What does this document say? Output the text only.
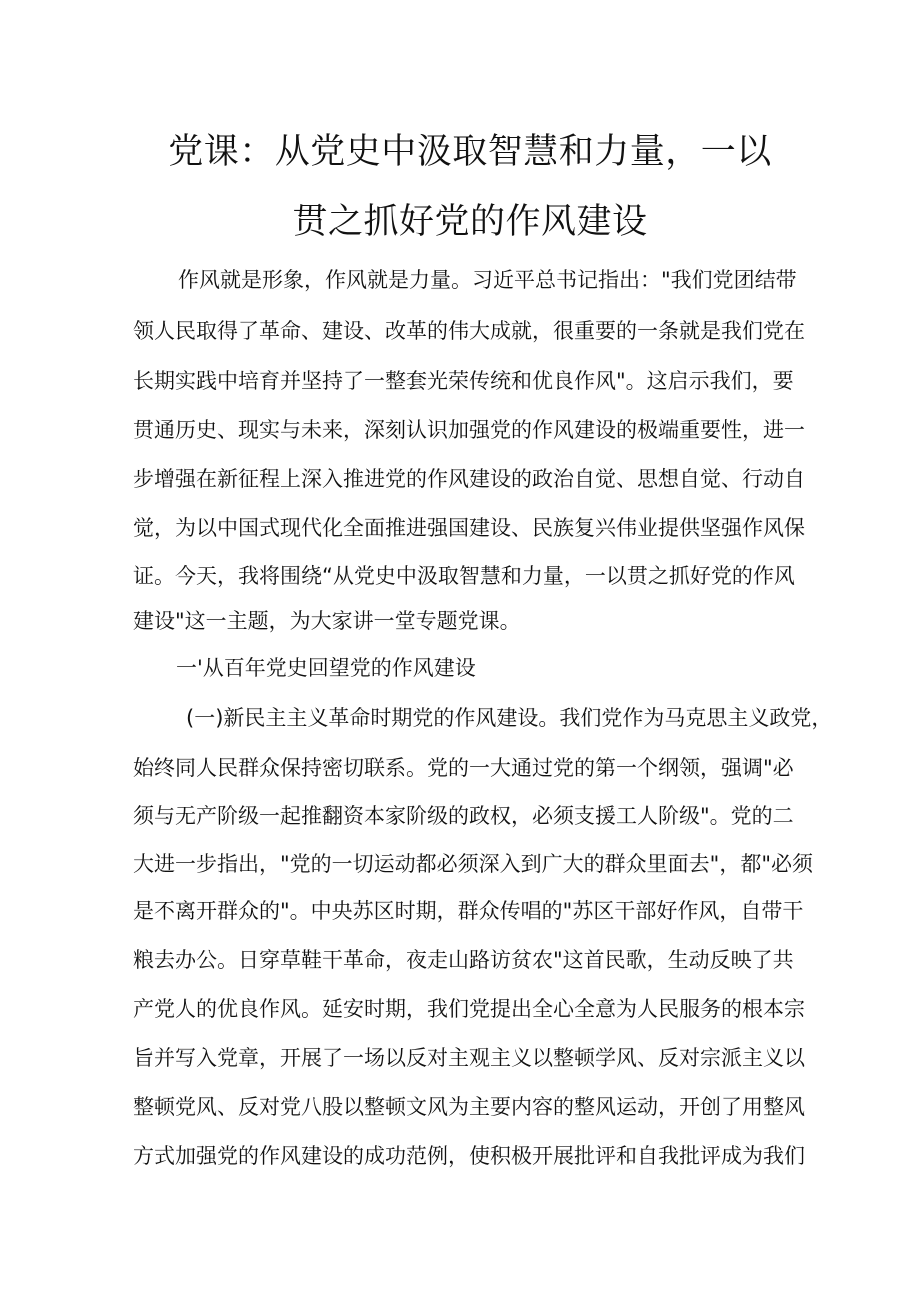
党课：从党史中汲取智慧和力量，一以
贯之抓好党的作风建设
作风就是形象，作风就是力量。习近平总书记指出："我们党团结带
领人民取得了革命、建设、改革的伟大成就，很重要的一条就是我们党在
长期实践中培育并坚持了一整套光荣传统和优良作风"。这启示我们，要
贯通历史、现实与未来，深刻认识加强党的作风建设的极端重要性，进一
步增强在新征程上深入推进党的作风建设的政治自觉、思想自觉、行动自
觉，为以中国式现代化全面推进强国建设、民族复兴伟业提供坚强作风保
证。今天，我将围绕“从党史中汲取智慧和力量，一以贯之抓好党的作风
建设"这一主题，为大家讲一堂专题党课。
一'从百年党史回望党的作风建设
(一)新民主主义革命时期党的作风建设。我们党作为马克思主义政党，
始终同人民群众保持密切联系。党的一大通过党的第一个纲领，强调"必
须与无产阶级一起推翻资本家阶级的政权，必须支援工人阶级"。党的二
大进一步指出，"党的一切运动都必须深入到广大的群众里面去"，都"必须
是不离开群众的"。中央苏区时期，群众传唱的"苏区干部好作风，自带干
粮去办公。日穿草鞋干革命，夜走山路访贫农"这首民歌，生动反映了共
产党人的优良作风。延安时期，我们党提出全心全意为人民服务的根本宗
旨并写入党章，开展了一场以反对主观主义以整顿学风、反对宗派主义以
整顿党风、反对党八股以整顿文风为主要内容的整风运动，开创了用整风
方式加强党的作风建设的成功范例，使积极开展批评和自我批评成为我们
